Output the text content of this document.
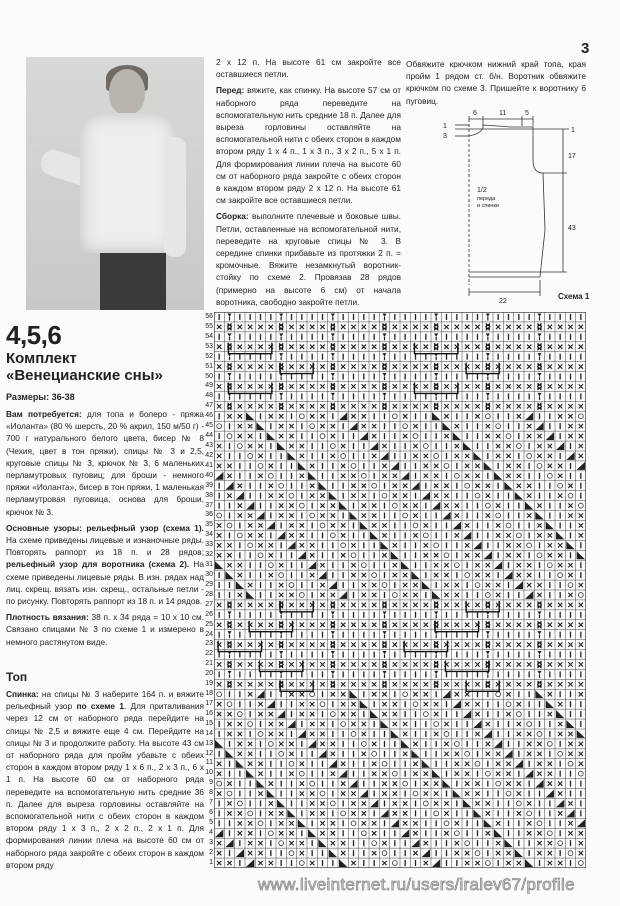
4,5,6
Комплект
«Венецианские сны»
Размеры: 36-38

Вам потребуется: для топа и болеро - пряжа «Иоланта» (80 % шерсть, 20 % акрил, 150 м/50 г) - 700 г натурального белого цвета, бисер № 8 (Чехия, цвет в тон пряжи), спицы № 3 и 2,5, круговые спицы № 3, крючок № 3, 6 маленьких перламутровых пуговиц; для броши - немного пряжи «Иоланта», бисер в тон пряжи, 1 маленькая перламутровая пуговица, основа для броши, крючок № 3.

Основные узоры: рельефный узор (схема 1). На схеме приведены лицевые и изнаночные ряды. Повторять раппорт из 18 п. и 28 рядов; рельефный узор для воротника (схема 2). На схеме приведены лицевые ряды. В изн. рядах над лиц. скрещ. вязать изн. скрещ., остальные петли - по рисунку. Повторять раппорт из 18 п. и 14 рядов.

Плотность вязания: 38 п. х 34 ряда = 10 х 10 см. Связано спицами № 3 по схеме 1 и измерено в немного растянутом виде.

Топ

Спинка: на спицы № 3 наберите 164 п. и вяжите рельефный узор по схеме 1. Для приталивания через 12 см от наборного ряда перейдите на спицы № 2,5 и вяжите еще 4 см. Перейдите на спицы № 3 и продолжите работу. На высоте 43 см от наборного ряда для пройм убавьте с обеих сторон в каждом втором ряду 1 х 6 п., 2 х 3 п., 6 х 1 п. На высоте 60 см от наборного ряда переведите на вспомогательную нить средние 36 п. Далее для выреза горловины оставляйте на вспомогательной нити с обеих сторон в каждом втором ряду 1 х 3 п., 2 х 2 п., 2 х 1 п. Для формирования линии плеча на высоте 60 см от наборного ряда закройте с обеих сторон в каждом втором ряду

2 х 12 п. На высоте 61 см закройте все оставшиеся петли.

Перед: вяжите, как спинку. На высоте 57 см от наборного ряда переведите на вспомогательную нить средние 18 п. Далее для выреза горловины оставляйте на вспомогательной нити с обеих сторон в каждом втором ряду 1 х 4 п., 1 х 3 п., 3 х 2 п., 5 х 1 п. Для формирования линии плеча на высоте 60 см от наборного ряда закройте с обеих сторон в каждом втором ряду 2 х 12 п. На высоте 61 см закройте все оставшиеся петли.

Сборка: выполните плечевые и боковые швы. Петли, оставленные на вспомогательной нити, переведите на круговые спицы № 3. В середине спинки прибавьте из протяжки 2 п. = кромочные. Вяжите незамкнутый воротник-стойку по схеме 2. Провязав 28 рядов (примерно на высоте 6 см) от начала воротника, свободно закройте петли.

3

Обвяжите крючком нижний край топа, края пройм 1 рядом ст. б/н. Воротник обвяжите крючком по схеме 3. Пришейте к воротнику 6 пуговиц.

6	11	5
1
3
1
17
43
22
1/2
переда
и спинки
Схема 1
56
55
54
53
52
51
50
49
48
47
46
45
44
43
42
41
40
39
38
37
36
35
34
33
32
31
30
29
28
27
26
25
24
23
22
21
20
19
18
17
16
15
14
13
12
11
10
9
8
7
6
5
4
3
2
1
www.liveinternet.ru/users/iralev67/profile
